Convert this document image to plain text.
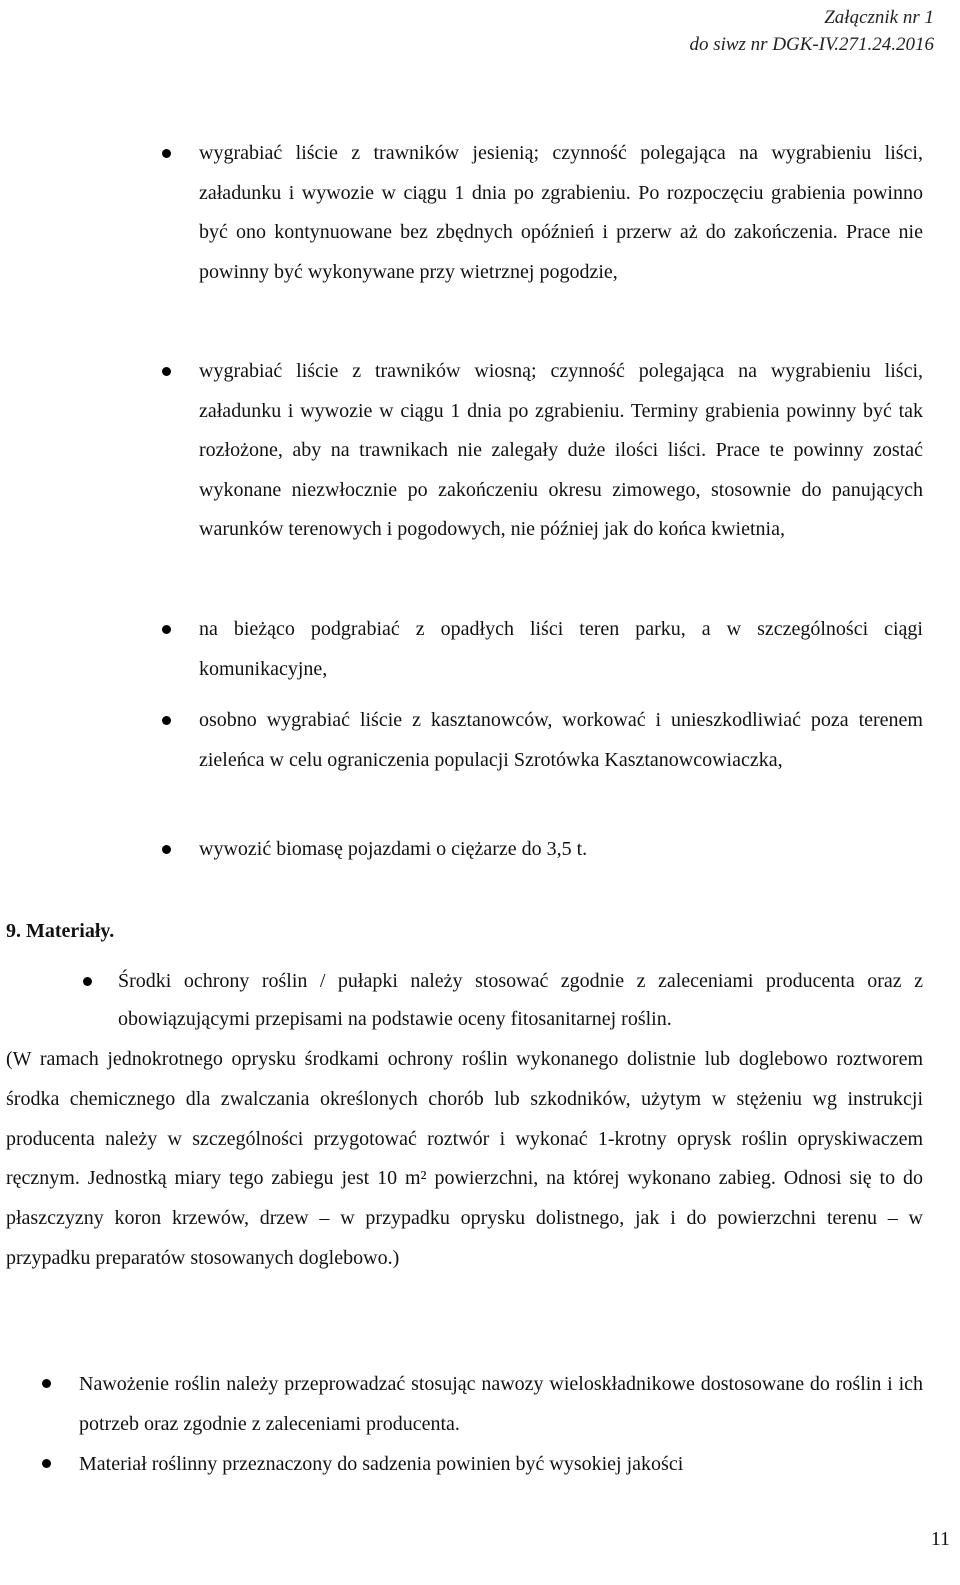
Załącznik nr 1
do siwz nr DGK-IV.271.24.2016
wygrabiać liście z trawników jesienią; czynność polegająca na wygrabieniu liści, załadunku i wywozie w ciągu 1 dnia po zgrabieniu. Po rozpoczęciu grabienia powinno być ono kontynuowane bez zbędnych opóźnień i przerw aż do zakończenia. Prace nie powinny być wykonywane przy wietrznej pogodzie,
wygrabiać liście z trawników wiosną; czynność polegająca na wygrabieniu liści, załadunku i wywozie w ciągu 1 dnia po zgrabieniu. Terminy grabienia powinny być tak rozłożone, aby na trawnikach nie zalegały duże ilości liści. Prace te powinny zostać wykonane niezwłocznie po zakończeniu okresu zimowego, stosownie do panujących warunków terenowych i pogodowych, nie później jak do końca kwietnia,
na bieżąco podgrabiać z opadłych liści teren parku, a w szczególności ciągi komunikacyjne,
osobno wygrabiać liście z kasztanowców, workować i unieszkodliwiać poza terenem zieleńca w celu ograniczenia populacji Szrotówka Kasztanowcowiaczka,
wywozić biomasę pojazdami o ciężarze do 3,5 t.
9. Materiały.
Środki ochrony roślin / pułapki należy stosować zgodnie z zaleceniami producenta oraz z obowiązującymi przepisami na podstawie oceny fitosanitarnej roślin.

(W ramach jednokrotnego oprysku środkami ochrony roślin wykonanego dolistnie lub doglebowo roztworem środka chemicznego dla zwalczania określonych chorób lub szkodników, użytym w stężeniu wg instrukcji producenta należy w szczególności przygotować roztwór i wykonać 1-krotny oprysk roślin opryskiwaczem ręcznym. Jednostką miary tego zabiegu jest 10 m² powierzchni, na której wykonano zabieg. Odnosi się to do płaszczyzny koron krzewów, drzew – w przypadku oprysku dolistnego, jak i do powierzchni terenu – w przypadku preparatów stosowanych doglebowo.)

Nawożenie roślin należy przeprowadzać stosując nawozy wieloskładnikowe dostosowane do roślin i ich potrzeb oraz zgodnie z zaleceniami producenta.
Materiał roślinny przeznaczony do sadzenia powinien być wysokiej jakości
11
